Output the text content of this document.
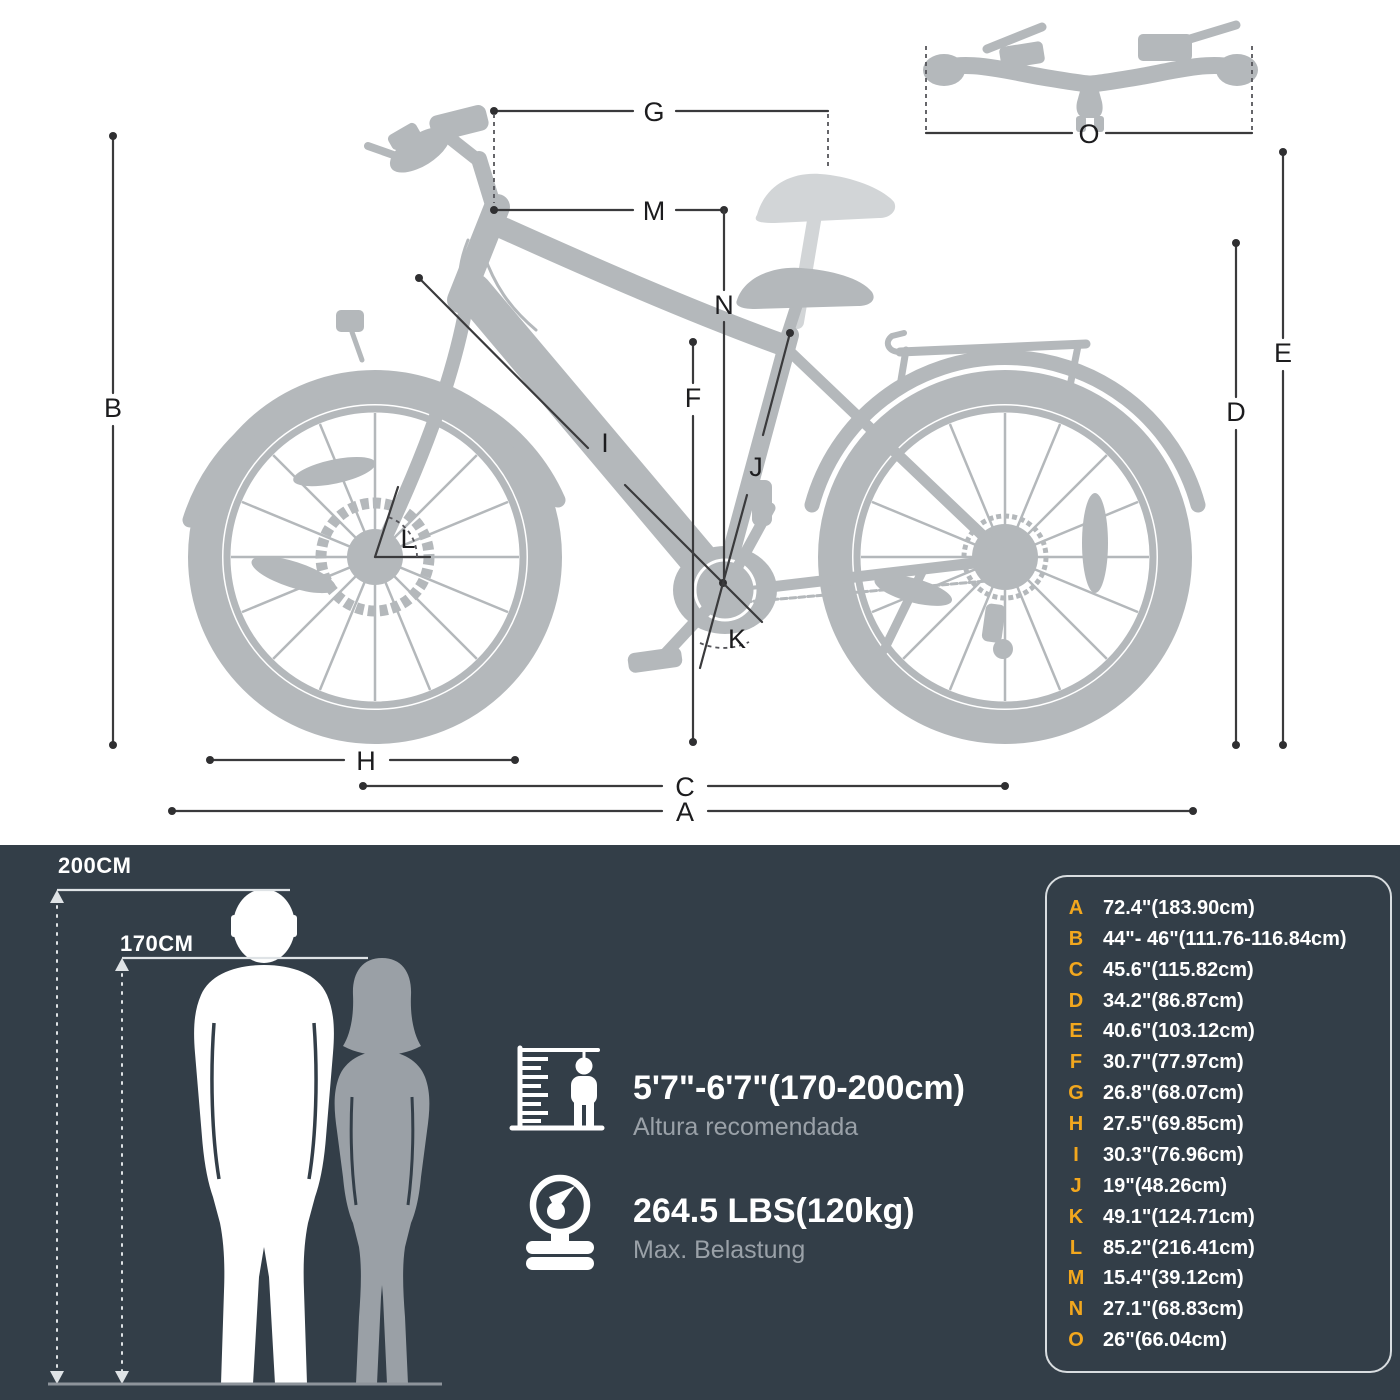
B
G
M
N
F
I
J
K
L
H
C
A
D
E
O
200CM
170CM
5'7"-6'7"(170-200cm)
Altura recomendada
264.5 LBS(120kg)
Max. Belastung
A 72.4"(183.90cm)
B 44"- 46"(111.76-116.84cm)
C 45.6"(115.82cm)
D 34.2"(86.87cm)
E	40.6"(103.12cm)
F	30.7"(77.97cm)
G 26.8"(68.07cm)
H 27.5"(69.85cm)
I	30.3"(76.96cm)
J	19"(48.26cm)
K 49.1"(124.71cm)
L	85.2"(216.41cm)
M 15.4"(39.12cm)
N 27.1"(68.83cm)
O 26"(66.04cm)
